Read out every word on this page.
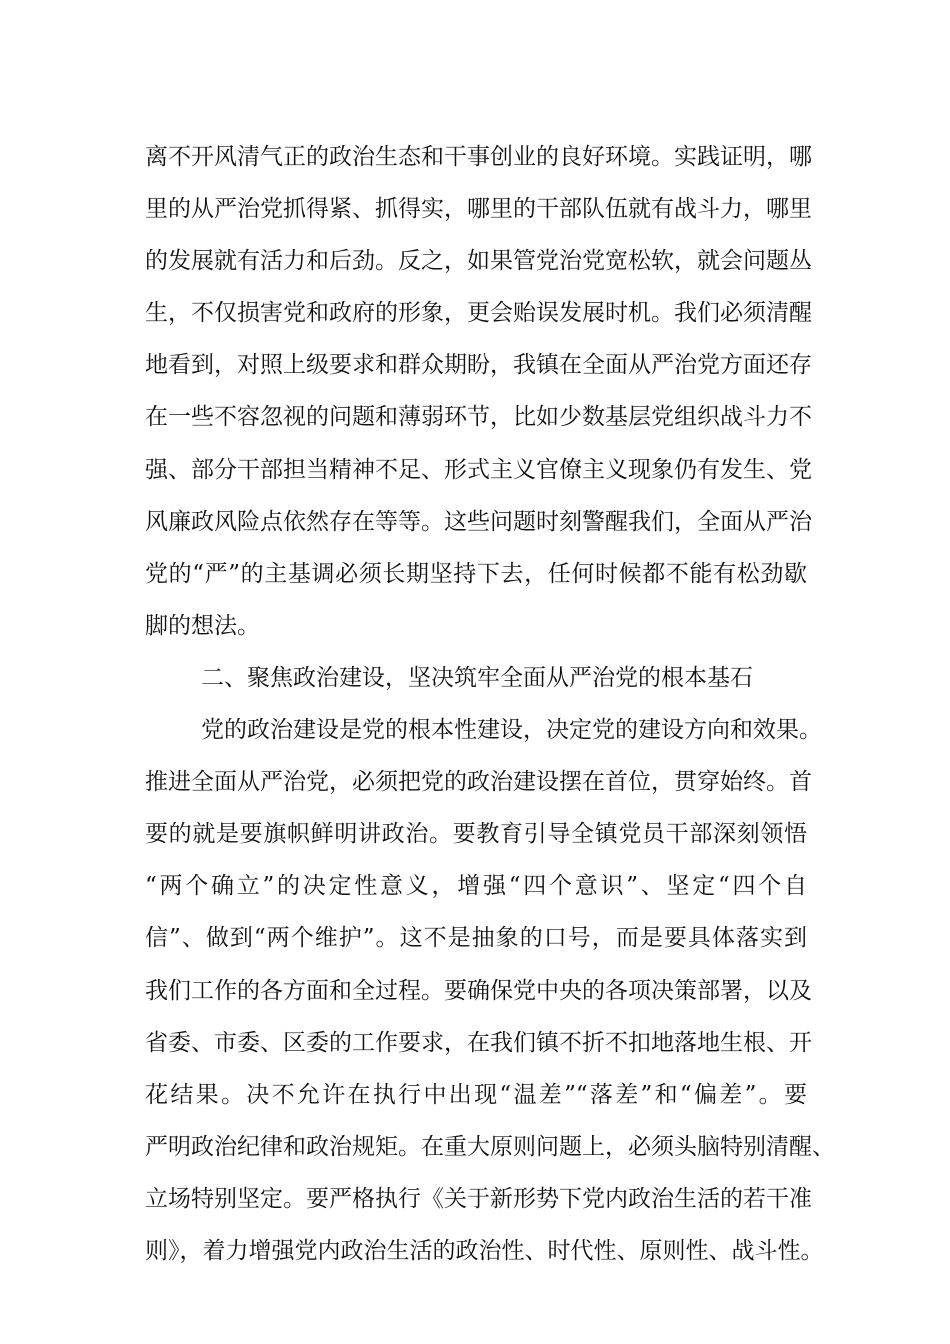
离不开风清气正的政治生态和干事创业的良好环境。实践证明，哪
里的从严治党抓得紧、抓得实，哪里的干部队伍就有战斗力，哪里
的发展就有活力和后劲。反之，如果管党治党宽松软，就会问题丛
生，不仅损害党和政府的形象，更会贻误发展时机。我们必须清醒
地看到，对照上级要求和群众期盼，我镇在全面从严治党方面还存
在一些不容忽视的问题和薄弱环节，比如少数基层党组织战斗力不
强、部分干部担当精神不足、形式主义官僚主义现象仍有发生、党
风廉政风险点依然存在等等。这些问题时刻警醒我们，全面从严治
党的“严”的主基调必须长期坚持下去，任何时候都不能有松劲歇
脚的想法。
二、聚焦政治建设，坚决筑牢全面从严治党的根本基石
党的政治建设是党的根本性建设，决定党的建设方向和效果。
推进全面从严治党，必须把党的政治建设摆在首位，贯穿始终。首
要的就是要旗帜鲜明讲政治。要教育引导全镇党员干部深刻领悟
“两个确立”的决定性意义，增强“四个意识”、坚定“四个自
信”、做到“两个维护”。这不是抽象的口号，而是要具体落实到
我们工作的各方面和全过程。要确保党中央的各项决策部署，以及
省委、市委、区委的工作要求，在我们镇不折不扣地落地生根、开
花结果。决不允许在执行中出现“温差”“落差”和“偏差”。要
严明政治纪律和政治规矩。在重大原则问题上，必须头脑特别清醒、
立场特别坚定。要严格执行《关于新形势下党内政治生活的若干准
则》，着力增强党内政治生活的政治性、时代性、原则性、战斗性。
